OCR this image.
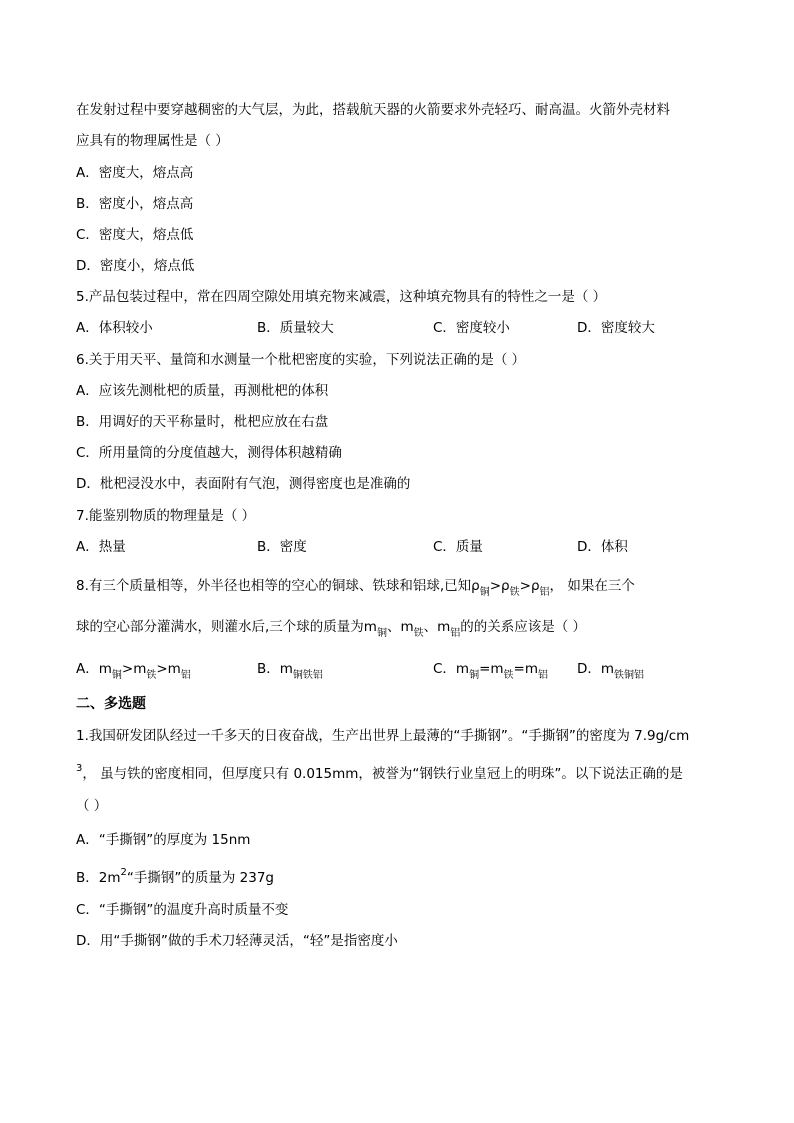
在发射过程中要穿越稠密的大气层，为此，搭载航天器的火箭要求外壳轻巧、耐高温。火箭外壳材料
应具有的物理属性是（ ）
A．密度大，熔点高
B．密度小，熔点高
C．密度大，熔点低
D．密度小，熔点低
5.产品包装过程中，常在四周空隙处用填充物来减震，这种填充物具有的特性之一是（ ）
A．体积较小	B．质量较大	C．密度较小	D．密度较大
6.关于用天平、量筒和水测量一个枇杷密度的实验，下列说法正确的是（ ）
A．应该先测枇杷的质量，再测枇杷的体积
B．用调好的天平称量时，枇杷应放在右盘
C．所用量筒的分度值越大，测得体积越精确
D．枇杷浸没水中，表面附有气泡，测得密度也是准确的
7.能鉴别物质的物理量是（ ）
A．热量	B．密度	C．质量	D．体积
8.有三个质量相等，外半径也相等的空心的铜球、铁球和铝球,已知$\rho_铜>\rho_铁>\rho_铝$， 如果在三个
球的空心部分灌满水，则灌水后,三个球的质量为$m_铜$、$m_铁$、$m_铝$的的关系应该是（ ）
A．$m_铜>m_铁>m_铝$	B．$m_{铜铁铝}$	C．$m_铜=m_铁=m_铝$ D．$m_{铁铜铝}$
二、多选题
1.我国研发团队经过一千多天的日夜奋战，生产出世界上最薄的“手撕钢”。“手撕钢”的密度为 7.9g/cm
$^3$， 虽与铁的密度相同，但厚度只有 0.015mm，被誉为“钢铁行业皇冠上的明珠”。以下说法正确的是
（ ）
A．“手撕钢”的厚度为 15nm
B．$2m^2“$手撕钢”的质量为 237g
C．“手撕钢”的温度升高时质量不变
D．用“手撕钢”做的手术刀轻薄灵活，“轻”是指密度小
